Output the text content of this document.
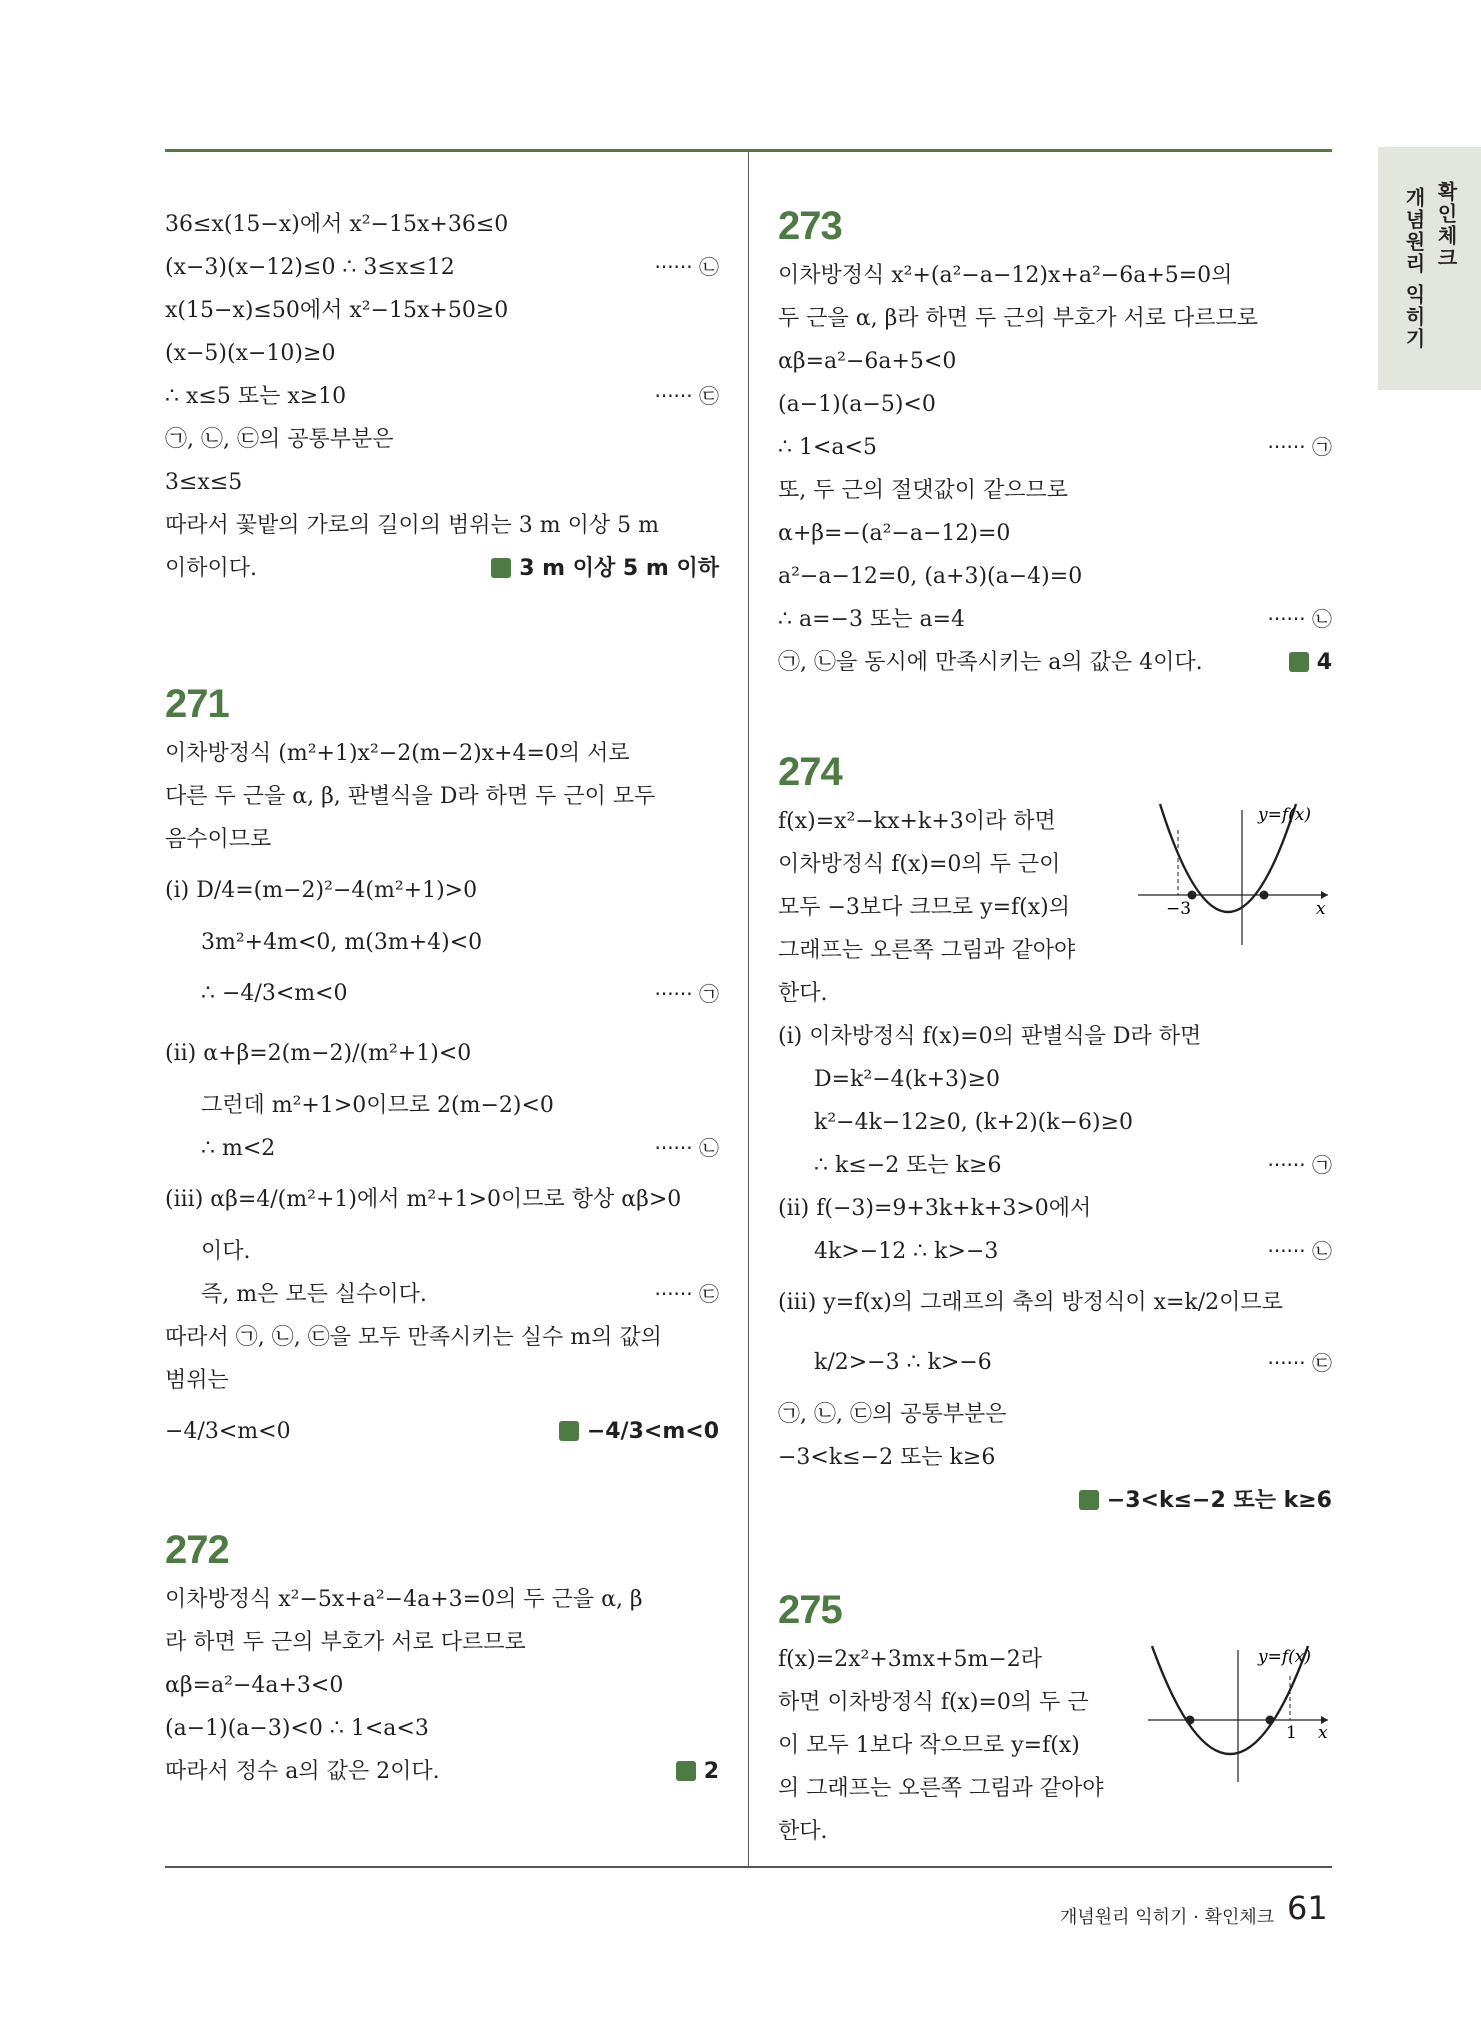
확인체크
개념원리 익히기
36≤x(15−x)에서 x²−15x+36≤0
(x−3)(x−12)≤0 ∴ 3≤x≤12	······ ㉡
x(15−x)≤50에서 x²−15x+50≥0
(x−5)(x−10)≥0
∴ x≤5 또는 x≥10	······ ㉢
㉠, ㉡, ㉢의 공통부분은
3≤x≤5
따라서 꽃밭의 가로의 길이의 범위는 3 m 이상 5 m
이하이다.	3 m 이상 5 m 이하
271
이차방정식 (m²+1)x²−2(m−2)x+4=0의 서로
다른 두 근을 α, β, 판별식을 D라 하면 두 근이 모두
음수이므로
(i) D/4=(m−2)²−4(m²+1)>0
3m²+4m<0, m(3m+4)<0
∴ −4/3<m<0	······ ㉠
(ii) α+β=2(m−2)/(m²+1)<0
그런데 m²+1>0이므로 2(m−2)<0
∴ m<2	······ ㉡
(iii) αβ=4/(m²+1)에서 m²+1>0이므로 항상 αβ>0
이다.
즉, m은 모든 실수이다.	······ ㉢
따라서 ㉠, ㉡, ㉢을 모두 만족시키는 실수 m의 값의
범위는
−4/3<m<0	−4/3<m<0
272
이차방정식 x²−5x+a²−4a+3=0의 두 근을 α, β
라 하면 두 근의 부호가 서로 다르므로
αβ=a²−4a+3<0
(a−1)(a−3)<0 ∴ 1<a<3
따라서 정수 a의 값은 2이다.	2
273
이차방정식 x²+(a²−a−12)x+a²−6a+5=0의
두 근을 α, β라 하면 두 근의 부호가 서로 다르므로
αβ=a²−6a+5<0
(a−1)(a−5)<0
∴ 1<a<5	······ ㉠
또, 두 근의 절댓값이 같으므로
α+β=−(a²−a−12)=0
a²−a−12=0, (a+3)(a−4)=0
∴ a=−3 또는 a=4	······ ㉡
㉠, ㉡을 동시에 만족시키는 a의 값은 4이다.	4
274
f(x)=x²−kx+k+3이라 하면
이차방정식 f(x)=0의 두 근이
모두 −3보다 크므로 y=f(x)의
그래프는 오른쪽 그림과 같아야
한다.
(i) 이차방정식 f(x)=0의 판별식을 D라 하면
D=k²−4(k+3)≥0
k²−4k−12≥0, (k+2)(k−6)≥0
∴ k≤−2 또는 k≥6	······ ㉠
(ii) f(−3)=9+3k+k+3>0에서
4k>−12 ∴ k>−3	······ ㉡
(iii) y=f(x)의 그래프의 축의 방정식이 x=k/2이므로
k/2>−3 ∴ k>−6	······ ㉢
㉠, ㉡, ㉢의 공통부분은
−3<k≤−2 또는 k≥6
−3<k≤−2 또는 k≥6
y=f(x)
x
−3
275
f(x)=2x²+3mx+5m−2라
하면 이차방정식 f(x)=0의 두 근
이 모두 1보다 작으므로 y=f(x)
의 그래프는 오른쪽 그림과 같아야
한다.
y=f(x)
x
1
개념원리 익히기 · 확인체크 61
